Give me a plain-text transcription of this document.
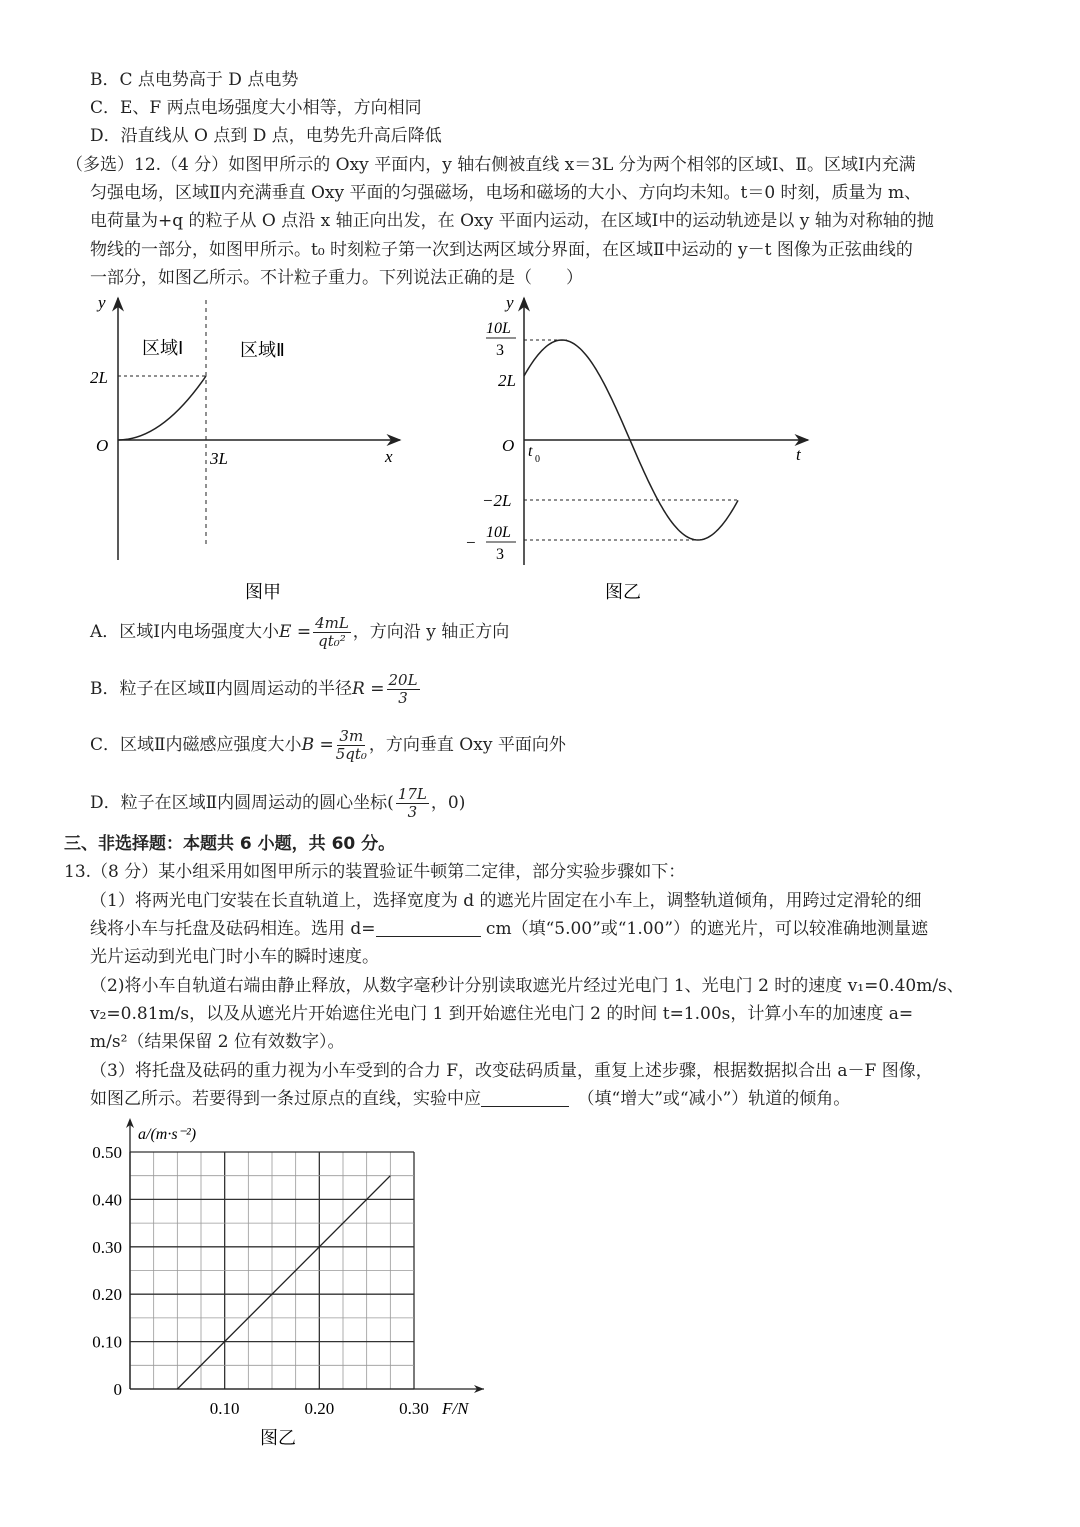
B．C 点电势高于 D 点电势
C．E、F 两点电场强度大小相等，方向相同
D．沿直线从 O 点到 D 点，电势先升高后降低
（多选）12.（4 分）如图甲所示的 Oxy 平面内，y 轴右侧被直线 x＝3L 分为两个相邻的区域Ⅰ、Ⅱ。区域Ⅰ内充满
匀强电场，区域Ⅱ内充满垂直 Oxy 平面的匀强磁场，电场和磁场的大小、方向均未知。t＝0 时刻，质量为 m、
电荷量为+q 的粒子从 O 点沿 x 轴正向出发，在 Oxy 平面内运动，在区域Ⅰ中的运动轨迹是以 y 轴为对称轴的抛
物线的一部分，如图甲所示。t₀ 时刻粒子第一次到达两区域分界面，在区域Ⅱ中运动的 y－t 图像为正弦曲线的
一部分，如图乙所示。不计粒子重力。下列说法正确的是（　　）
y
x
O
区域Ⅰ	区域Ⅱ
2L
3L
图甲
y
t
O t 0
10L
3
2L
−2L
−
10L
3
图乙
A．区域Ⅰ内电场强度大小$E = \frac{4mL}{\text{qt₀²}}$ ，方向沿 y 轴正方向
B．粒子在区域Ⅱ内圆周运动的半径$R = \frac{20L}{3}$
C．区域Ⅱ内磁感应强度大小$B = \frac{3m}{\text{5qt₀}}$ ，方向垂直 Oxy 平面向外
D．粒子在区域Ⅱ内圆周运动的圆心坐标( $\frac{17L}{3}$ ，0)
三、非选择题：本题共 6 小题，共 60 分。
13.（8 分）某小组采用如图甲所示的装置验证牛顿第二定律，部分实验步骤如下：
（1）将两光电门安装在长直轨道上，选择宽度为 d 的遮光片固定在小车上，调整轨道倾角，用跨过定滑轮的细
线将小车与托盘及砝码相连。选用 d=	cm（填“5.00”或“1.00”）的遮光片，可以较准确地测量遮
光片运动到光电门时小车的瞬时速度。
（2)将小车自轨道右端由静止释放，从数字毫秒计分别读取遮光片经过光电门 1、光电门 2 时的速度 v₁=0.40m/s、
v₂=0.81m/s，以及从遮光片开始遮住光电门 1 到开始遮住光电门 2 的时间 t=1.00s，计算小车的加速度 a=
m/s²（结果保留 2 位有效数字）。
（3）将托盘及砝码的重力视为小车受到的合力 F，改变砝码质量，重复上述步骤，根据数据拟合出 a－F 图像，
如图乙所示。若要得到一条过原点的直线，实验中应　	（填“增大”或“减小”）轨道的倾角。
0
0.10
0.20
0.30
0.40
0.50
0.10	0.20	0.30 F/N
a/(m·s⁻²)
图乙
